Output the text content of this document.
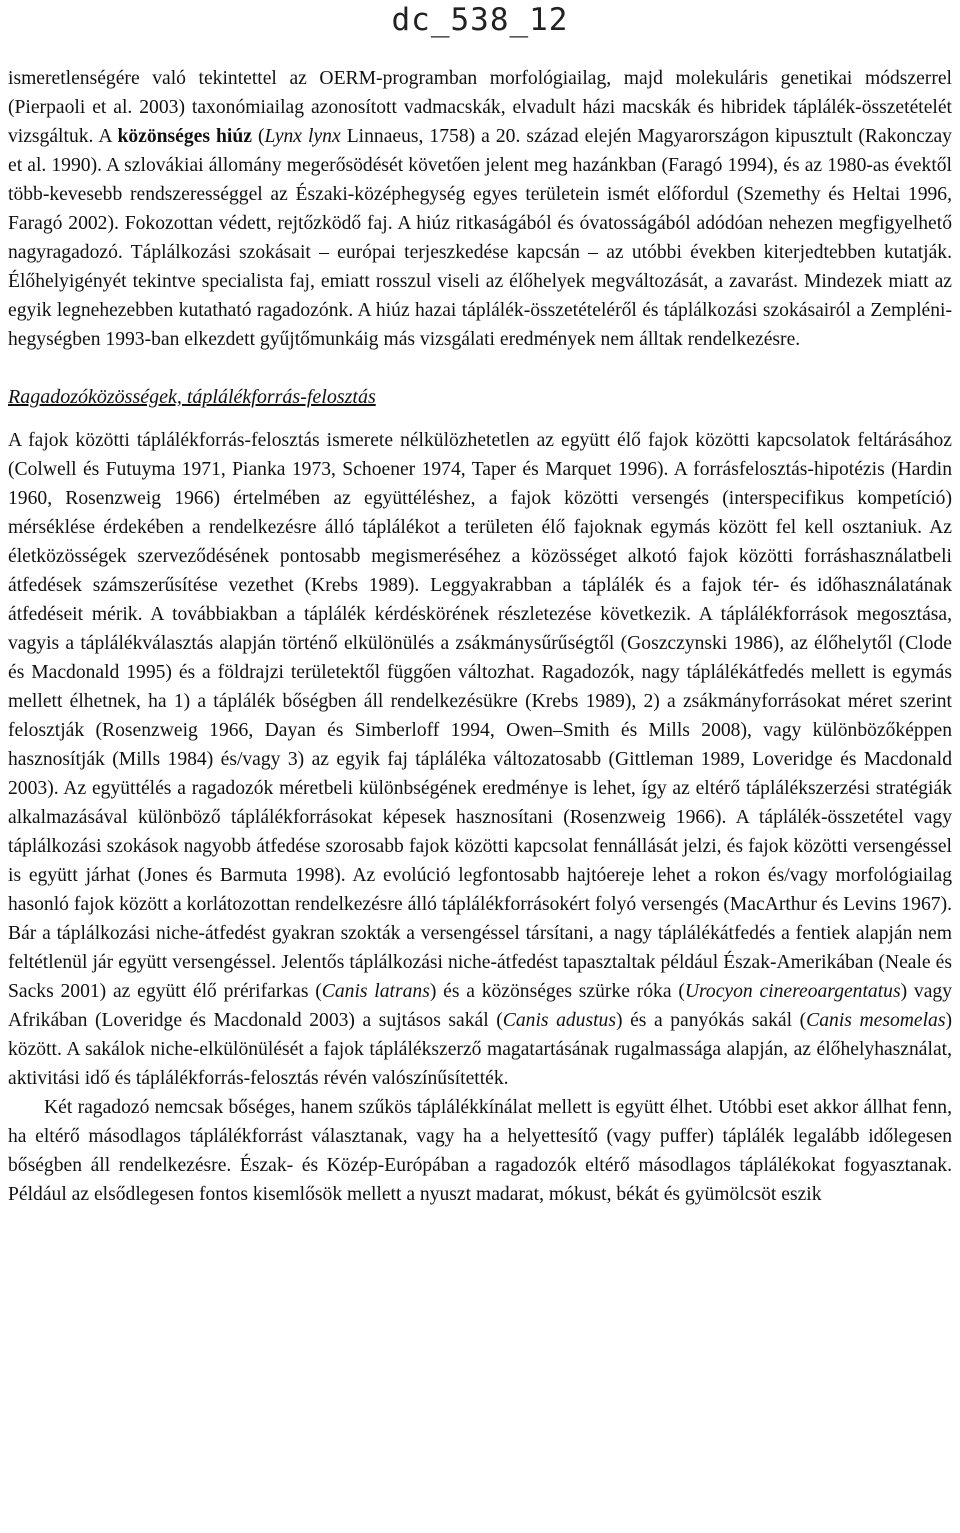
dc_538_12

ismeretlenségére való tekintettel az OERM-programban morfológiailag, majd molekuláris genetikai módszerrel (Pierpaoli et al. 2003) taxonómiailag azonosított vadmacskák, elvadult házi macskák és hibridek táplálék-összetételét vizsgáltuk. A közönséges hiúz (Lynx lynx Linnaeus, 1758) a 20. század elején Magyarországon kipusztult (Rakonczay et al. 1990). A szlovákiai állomány megerősödését követően jelent meg hazánkban (Faragó 1994), és az 1980-as évektől több-kevesebb rendszerességgel az Északi-középhegység egyes területein ismét előfordul (Szemethy és Heltai 1996, Faragó 2002). Fokozottan védett, rejtőzködő faj. A hiúz ritkaságából és óvatosságából adódóan nehezen megfigyelhető nagyragadozó. Táplálkozási szokásait – európai terjeszkedése kapcsán – az utóbbi években kiterjedtebben kutatják. Élőhelyigényét tekintve specialista faj, emiatt rosszul viseli az élőhelyek megváltozását, a zavarást. Mindezek miatt az egyik legnehezebben kutatható ragadozónk. A hiúz hazai táplálék-összetételéről és táplálkozási szokásairól a Zempléni-hegységben 1993-ban elkezdett gyűjtőmunkáig más vizsgálati eredmények nem álltak rendelkezésre.

Ragadozóközösségek, táplálékforrás-felosztás

A fajok közötti táplálékforrás-felosztás ismerete nélkülözhetetlen az együtt élő fajok közötti kapcsolatok feltárásához (Colwell és Futuyma 1971, Pianka 1973, Schoener 1974, Taper és Marquet 1996). A forrásfelosztás-hipotézis (Hardin 1960, Rosenzweig 1966) értelmében az együttéléshez, a fajok közötti versengés (interspecifikus kompetíció) mérséklése érdekében a rendelkezésre álló táplálékot a területen élő fajoknak egymás között fel kell osztaniuk. Az életközösségek szerveződésének pontosabb megismeréséhez a közösséget alkotó fajok közötti forráshasználatbeli átfedések számszerűsítése vezethet (Krebs 1989). Leggyakrabban a táplálék és a fajok tér- és időhasználatának átfedéseit mérik. A továbbiakban a táplálék kérdéskörének részletezése következik. A táplálékforrások megosztása, vagyis a táplálékválasztás alapján történő elkülönülés a zsákmánysűrűségtől (Goszczynski 1986), az élőhelytől (Clode és Macdonald 1995) és a földrajzi területektől függően változhat. Ragadozók, nagy táplálékátfedés mellett is egymás mellett élhetnek, ha 1) a táplálék bőségben áll rendelkezésükre (Krebs 1989), 2) a zsákmányforrásokat méret szerint felosztják (Rosenzweig 1966, Dayan és Simberloff 1994, Owen–Smith és Mills 2008), vagy különbözőképpen hasznosítják (Mills 1984) és/vagy 3) az egyik faj tápláléka változatosabb (Gittleman 1989, Loveridge és Macdonald 2003). Az együttélés a ragadozók méretbeli különbségének eredménye is lehet, így az eltérő táplálékszerzési stratégiák alkalmazásával különböző táplálékforrásokat képesek hasznosítani (Rosenzweig 1966). A táplálék-összetétel vagy táplálkozási szokások nagyobb átfedése szorosabb fajok közötti kapcsolat fennállását jelzi, és fajok közötti versengéssel is együtt járhat (Jones és Barmuta 1998). Az evolúció legfontosabb hajtóereje lehet a rokon és/vagy morfológiailag hasonló fajok között a korlátozottan rendelkezésre álló táplálékforrásokért folyó versengés (MacArthur és Levins 1967). Bár a táplálkozási niche-átfedést gyakran szokták a versengéssel társítani, a nagy táplálékátfedés a fentiek alapján nem feltétlenül jár együtt versengéssel. Jelentős táplálkozási niche-átfedést tapasztaltak például Észak-Amerikában (Neale és Sacks 2001) az együtt élő prérifarkas (Canis latrans) és a közönséges szürke róka (Urocyon cinereoargentatus) vagy Afrikában (Loveridge és Macdonald 2003) a sujtásos sakál (Canis adustus) és a panyókás sakál (Canis mesomelas) között. A sakálok niche-elkülönülését a fajok táplálékszerző magatartásának rugalmassága alapján, az élőhelyhasználat, aktivitási idő és táplálékforrás-felosztás révén valószínűsítették.

Két ragadozó nemcsak bőséges, hanem szűkös táplálékkínálat mellett is együtt élhet. Utóbbi eset akkor állhat fenn, ha eltérő másodlagos táplálékforrást választanak, vagy ha a helyettesítő (vagy puffer) táplálék legalább időlegesen bőségben áll rendelkezésre. Észak- és Közép-Európában a ragadozók eltérő másodlagos táplálékokat fogyasztanak. Például az elsődlegesen fontos kisemlősök mellett a nyuszt madarat, mókust, békát és gyümölcsöt eszik
